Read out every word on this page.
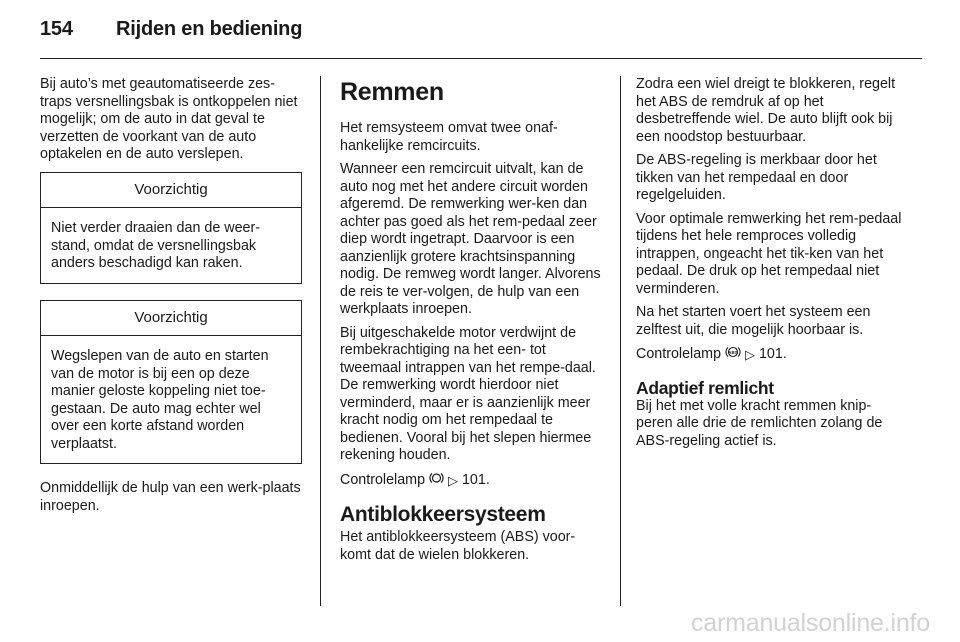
154 Rijden en bediening

Bij auto’s met geautomatiseerde zes-traps versnellingsbak is ontkoppelen niet mogelijk; om de auto in dat geval te verzetten de voorkant van de auto optakelen en de auto verslepen.

Voorzichtig
Niet verder draaien dan de weer-stand, omdat de versnellingsbak anders beschadigd kan raken.
Voorzichtig
Wegslepen van de auto en starten van de motor is bij een op deze manier geloste koppeling niet toe-gestaan. De auto mag echter wel over een korte afstand worden verplaatst.

Onmiddellijk de hulp van een werk-plaats inroepen.

Remmen

Het remsysteem omvat twee onaf-hankelijke remcircuits.

Wanneer een remcircuit uitvalt, kan de auto nog met het andere circuit worden afgeremd. De remwerking wer-ken dan achter pas goed als het rem-pedaal zeer diep wordt ingetrapt. Daarvoor is een aanzienlijk grotere krachtsinspanning nodig. De remweg wordt langer. Alvorens de reis te ver-volgen, de hulp van een werkplaats inroepen.

Bij uitgeschakelde motor verdwijnt de rembekrachtiging na het een- tot tweemaal intrappen van het rempe-daal. De remwerking wordt hierdoor niet verminderd, maar er is aanzienlijk meer kracht nodig om het rempedaal te bedienen. Vooral bij het slepen hiermee rekening houden.

Controlelamp ▷ 101.

Antiblokkeersysteem

Het antiblokkeersysteem (ABS) voor-komt dat de wielen blokkeren.

Zodra een wiel dreigt te blokkeren, regelt het ABS de remdruk af op het desbetreffende wiel. De auto blijft ook bij een noodstop bestuurbaar.

De ABS-regeling is merkbaar door het tikken van het rempedaal en door regelgeluiden.

Voor optimale remwerking het rem-pedaal tijdens het hele remproces volledig intrappen, ongeacht het tik-ken van het pedaal. De druk op het rempedaal niet verminderen.

Na het starten voert het systeem een zelftest uit, die mogelijk hoorbaar is.

Controlelamp ABS ▷ 101.

Adaptief remlicht

Bij het met volle kracht remmen knip-peren alle drie de remlichten zolang de ABS-regeling actief is.

carmanualsonline.info
